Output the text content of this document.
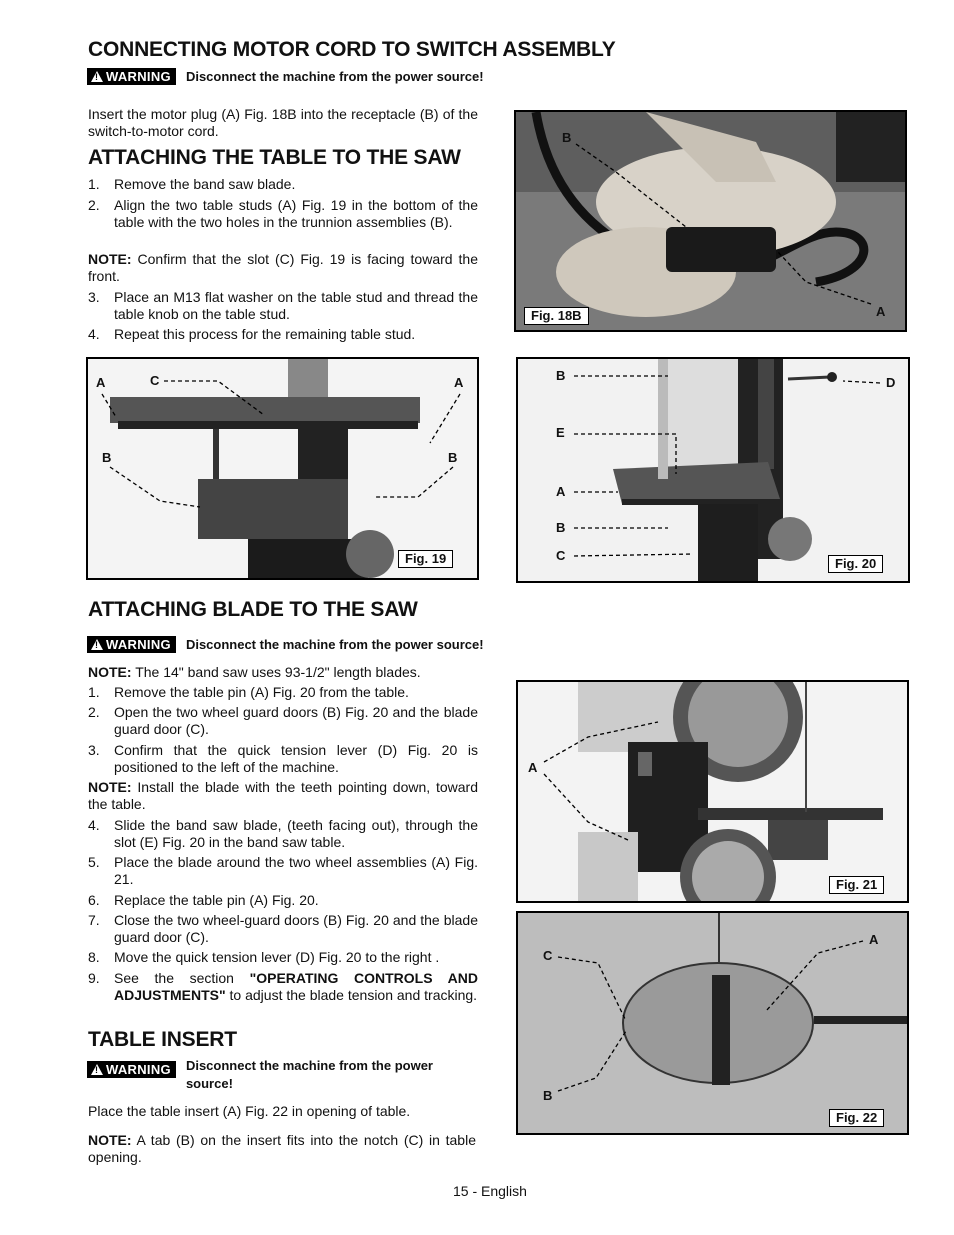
CONNECTING MOTOR CORD TO SWITCH ASSEMBLY
! WARNING Disconnect the machine from the power source!
Insert the motor plug (A) Fig. 18B into the receptacle (B) of the switch-to-motor cord.
ATTACHING THE TABLE TO THE SAW
1.	Remove the band saw blade.
2.	Align the two table studs (A) Fig. 19 in the bottom of the table with the two holes in the trunnion assemblies (B).
NOTE: Confirm that the slot (C) Fig. 19 is facing toward the front.
3.	Place an M13 flat washer on the table stud and thread the table knob on the table stud.
4.	Repeat this process for the remaining table stud.
B
A
Fig. 18B
A	C	A
B	B
Fig. 19
B	D
E
A
B
C
Fig. 20
ATTACHING BLADE TO THE SAW
! WARNING Disconnect the machine from the power source!
NOTE: The 14" band saw uses 93-1/2" length blades.
1.	Remove the table pin (A) Fig. 20 from the table.
2.	Open the two wheel guard doors (B) Fig. 20 and the blade guard door (C).
3.	Confirm that the quick tension lever (D) Fig. 20 is positioned to the left of the machine.
NOTE: Install the blade with the teeth pointing down, toward the table.
4.	Slide the band saw blade, (teeth facing out), through the slot (E) Fig. 20 in the band saw table.
5.	Place the blade around the two wheel assemblies (A) Fig. 21.
6.	Replace the table pin (A) Fig. 20.
7.	Close the two wheel-guard doors (B) Fig. 20 and the blade guard door (C).
8.	Move the quick tension lever (D) Fig. 20 to the right .
9.	See the section "OPERATING CONTROLS AND ADJUSTMENTS" to adjust the blade tension and tracking.
A
Fig. 21
C
A
B
Fig. 22
TABLE INSERT
! WARNING Disconnect the machine from the power source!
Place the table insert (A) Fig. 22 in opening of table.
NOTE: A tab (B) on the insert fits into the notch (C) in table opening.
15 - English
